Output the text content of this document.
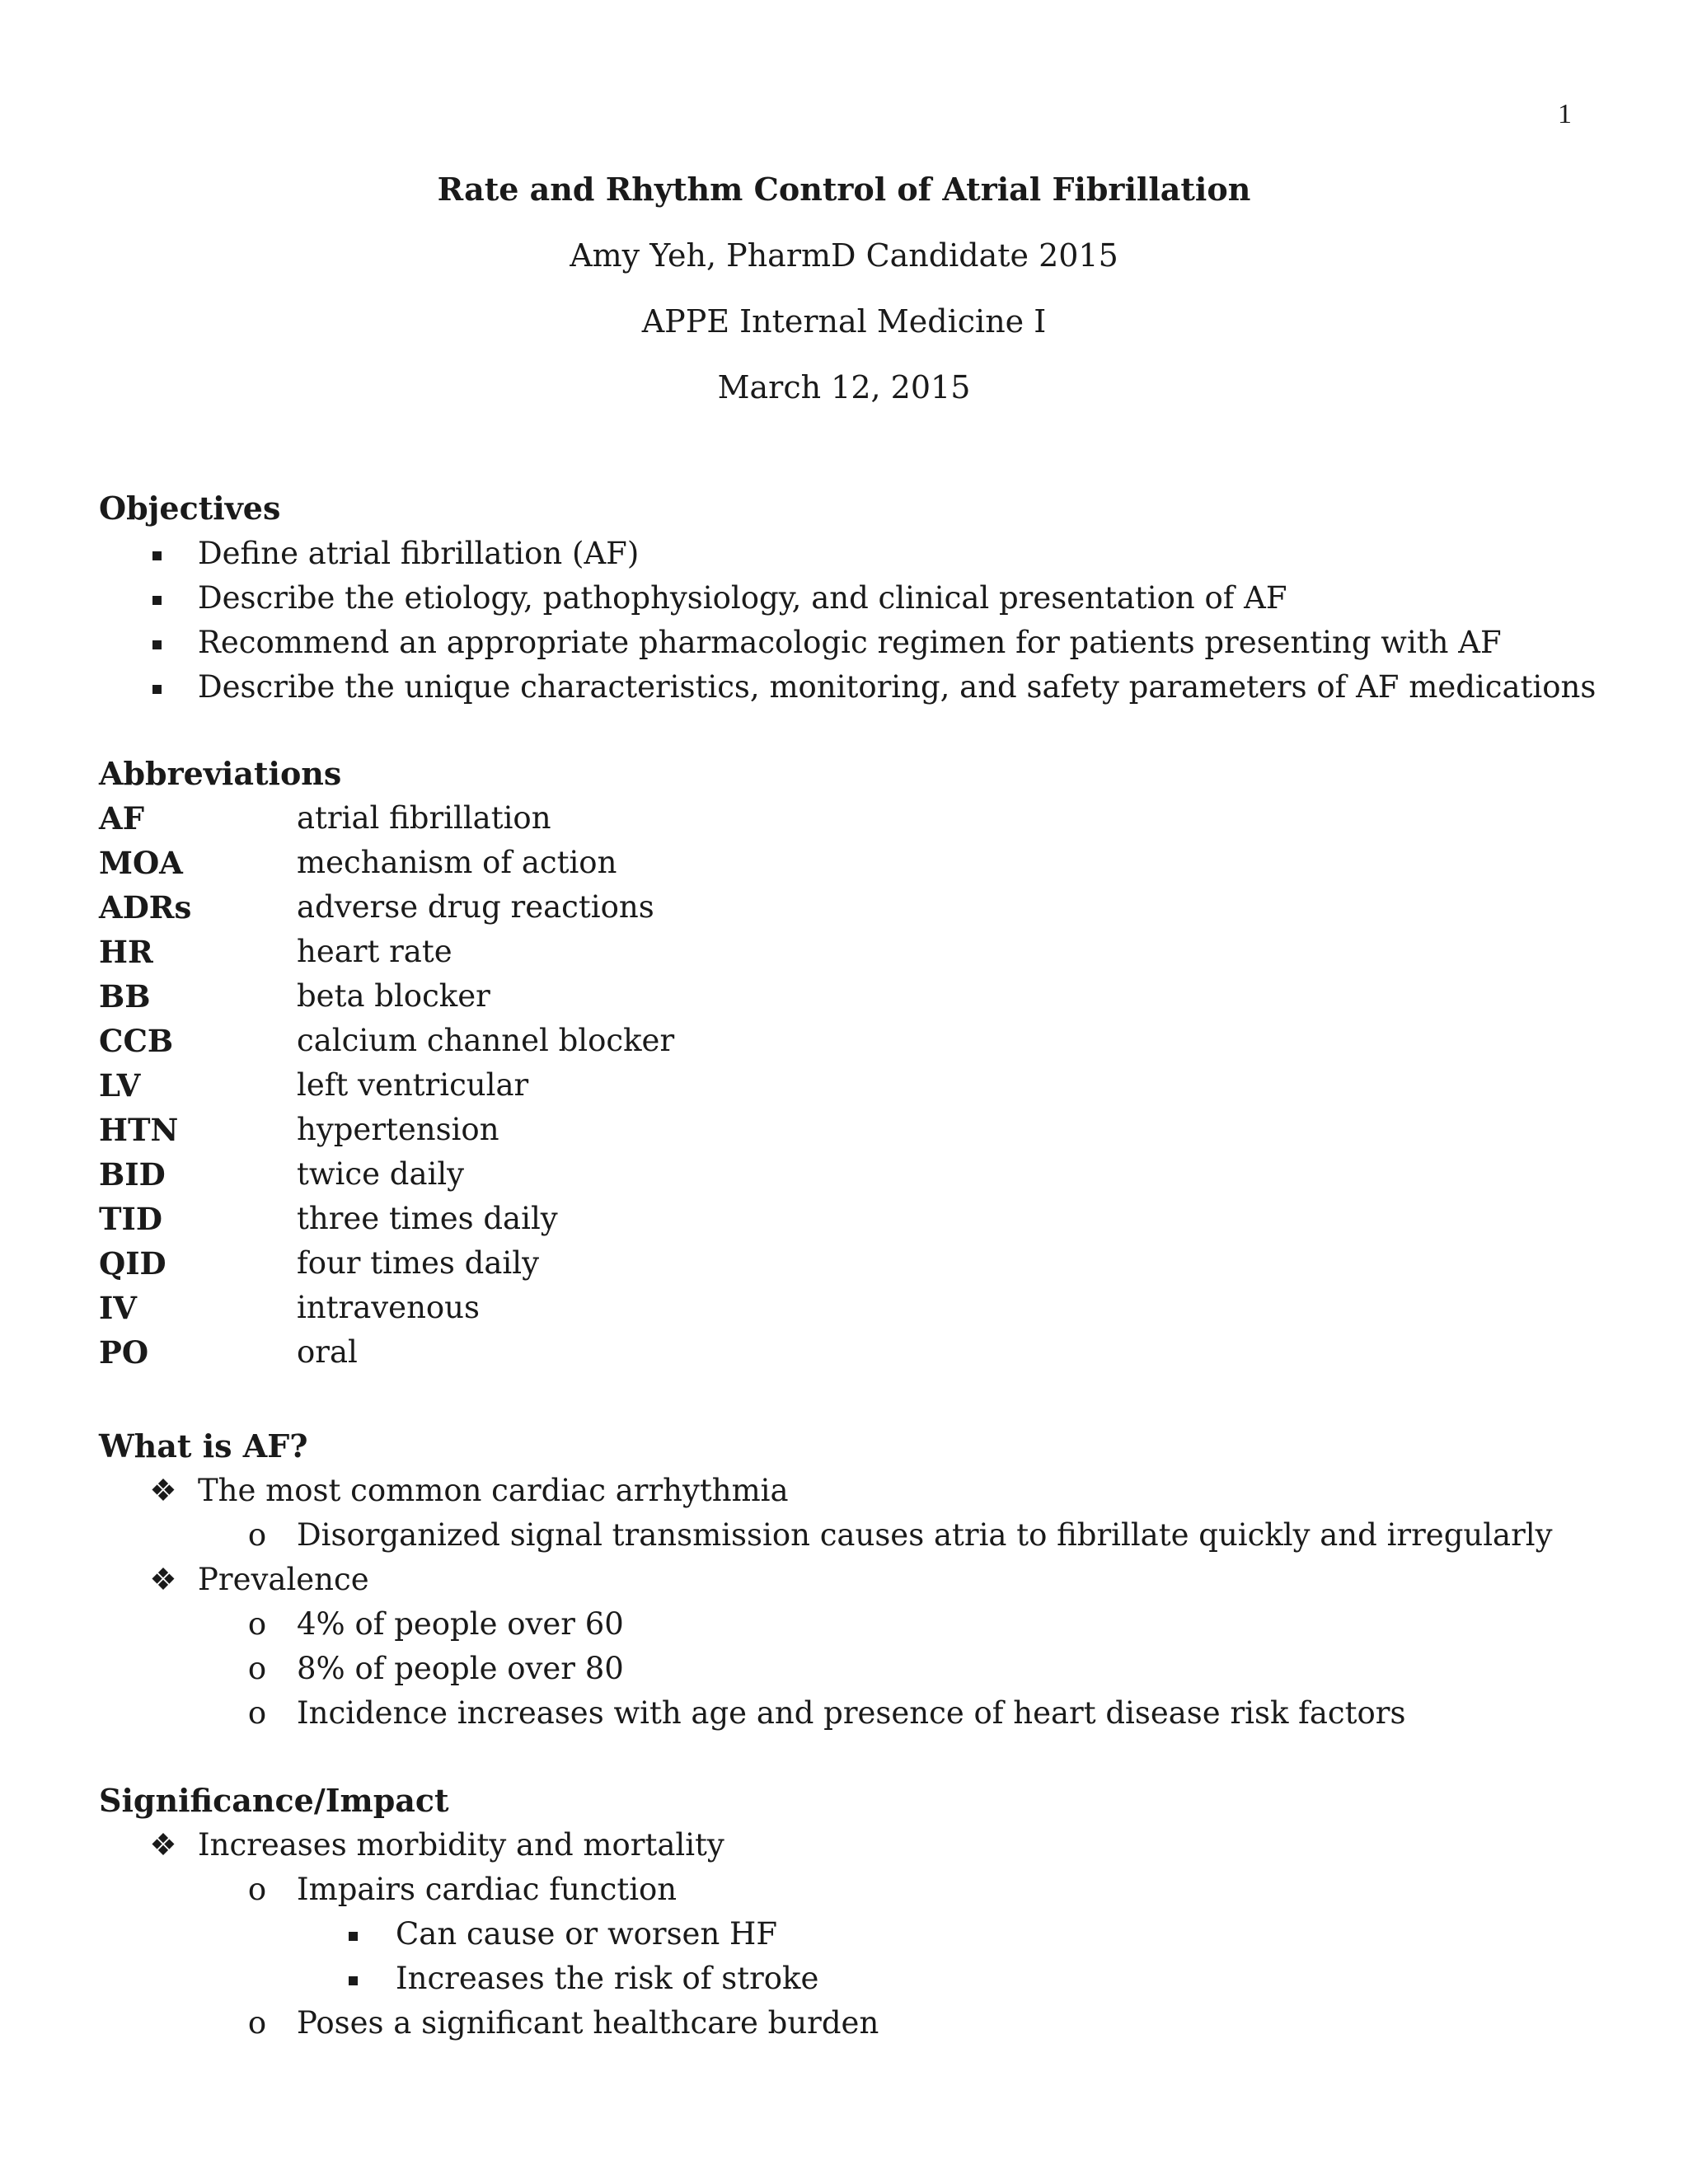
1
Rate and Rhythm Control of Atrial Fibrillation
Amy Yeh, PharmD Candidate 2015
APPE Internal Medicine I
March 12, 2015
Objectives
Define atrial fibrillation (AF)
Describe the etiology, pathophysiology, and clinical presentation of AF
Recommend an appropriate pharmacologic regimen for patients presenting with AF
Describe the unique characteristics, monitoring, and safety parameters of AF medications
Abbreviations
AF	atrial fibrillation
MOA	mechanism of action
ADRs	adverse drug reactions
HR	heart rate
BB	beta blocker
CCB	calcium channel blocker
LV	left ventricular
HTN	hypertension
BID	twice daily
TID	three times daily
QID	four times daily
IV	intravenous
PO	oral
What is AF?
❖ The most common cardiac arrhythmia
o Disorganized signal transmission causes atria to fibrillate quickly and irregularly
❖ Prevalence
o 4% of people over 60
o 8% of people over 80
o Incidence increases with age and presence of heart disease risk factors
Significance/Impact
❖ Increases morbidity and mortality
o Impairs cardiac function
Can cause or worsen HF
Increases the risk of stroke
o Poses a significant healthcare burden
